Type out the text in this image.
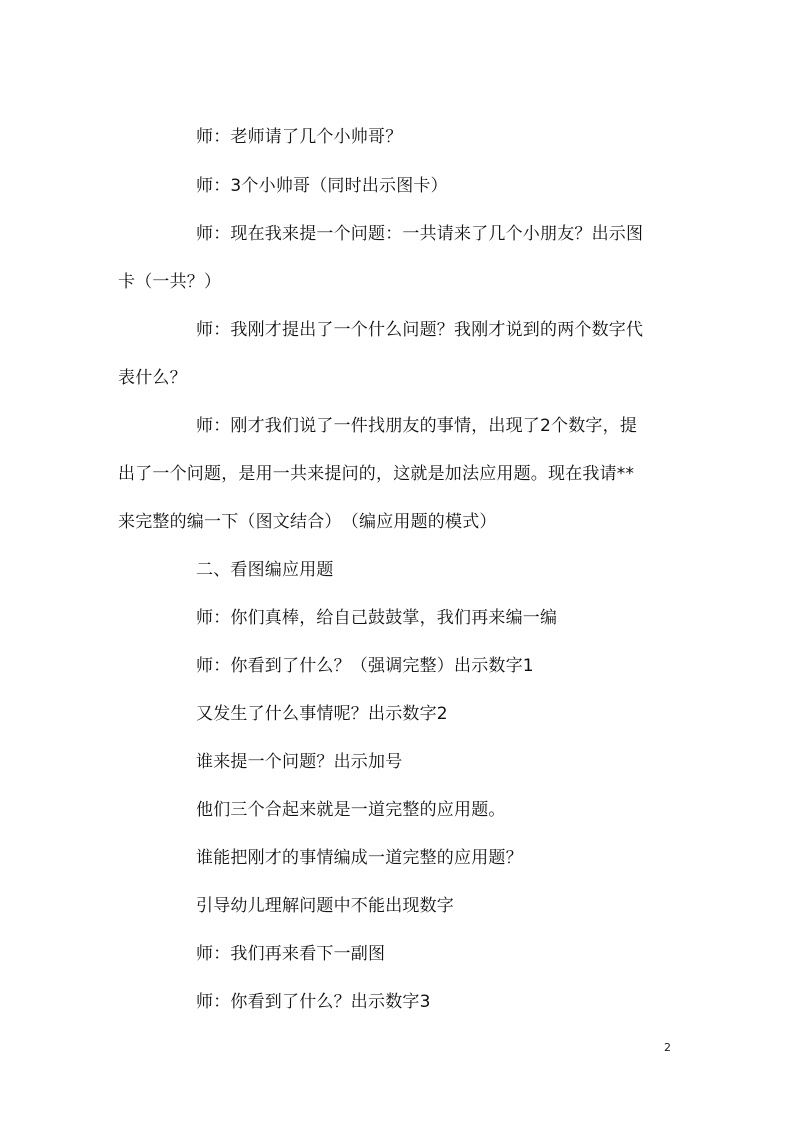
师：老师请了几个小帅哥？
师：3个小帅哥（同时出示图卡）
师：现在我来提一个问题：一共请来了几个小朋友？出示图
卡（一共？）
师：我刚才提出了一个什么问题？我刚才说到的两个数字代
表什么？
师：刚才我们说了一件找朋友的事情，出现了2个数字，提
出了一个问题，是用一共来提问的，这就是加法应用题。现在我请**
来完整的编一下（图文结合）　（编应用题的模式）
二、看图编应用题
师：你们真棒，给自己鼓鼓掌，我们再来编一编
师：你看到了什么？（强调完整）出示数字1
又发生了什么事情呢？出示数字2
谁来提一个问题？出示加号
他们三个合起来就是一道完整的应用题。
谁能把刚才的事情编成一道完整的应用题？
引导幼儿理解问题中不能出现数字
师：我们再来看下一副图
师：你看到了什么？出示数字3
2
